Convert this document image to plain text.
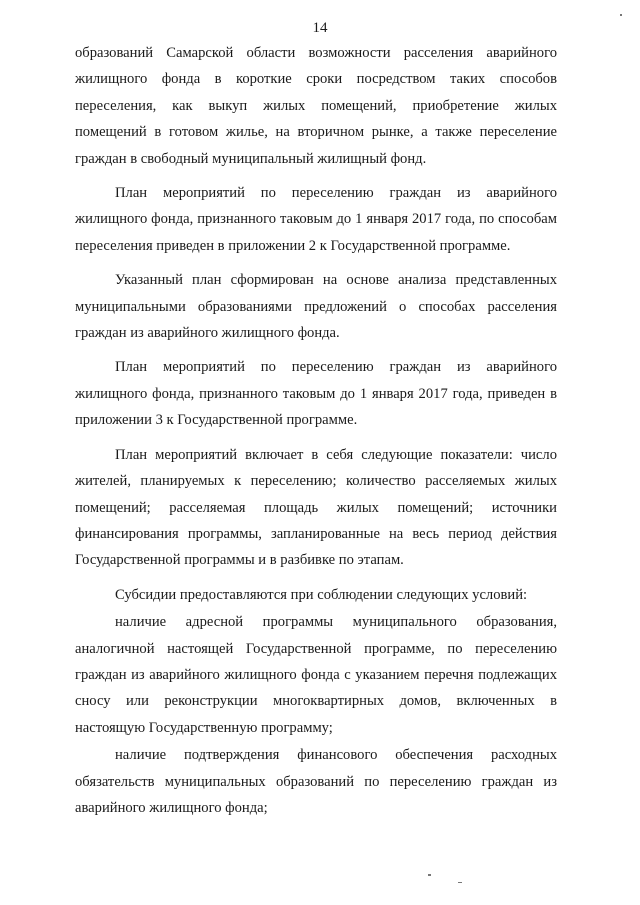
14

образований Самарской области возможности расселения аварийного жилищного фонда в короткие сроки посредством таких способов переселения, как выкуп жилых помещений, приобретение жилых помещений в готовом жилье, на вторичном рынке, а также переселение граждан в свободный муниципальный жилищный фонд.

План мероприятий по переселению граждан из аварийного жилищного фонда, признанного таковым до 1 января 2017 года, по способам переселения приведен в приложении 2 к Государственной программе.

Указанный план сформирован на основе анализа представленных муниципальными образованиями предложений о способах расселения граждан из аварийного жилищного фонда.

План мероприятий по переселению граждан из аварийного жилищного фонда, признанного таковым до 1 января 2017 года, приведен в приложении 3 к Государственной программе.

План мероприятий включает в себя следующие показатели: число жителей, планируемых к переселению; количество расселяемых жилых помещений; расселяемая площадь жилых помещений; источники финансирования программы, запланированные на весь период действия Государственной программы и в разбивке по этапам.

Субсидии предоставляются при соблюдении следующих условий:

наличие адресной программы муниципального образования, аналогичной настоящей Государственной программе, по переселению граждан из аварийного жилищного фонда с указанием перечня подлежащих сносу или реконструкции многоквартирных домов, включенных в настоящую Государственную программу;

наличие подтверждения финансового обеспечения расходных обязательств муниципальных образований по переселению граждан из аварийного жилищного фонда;
